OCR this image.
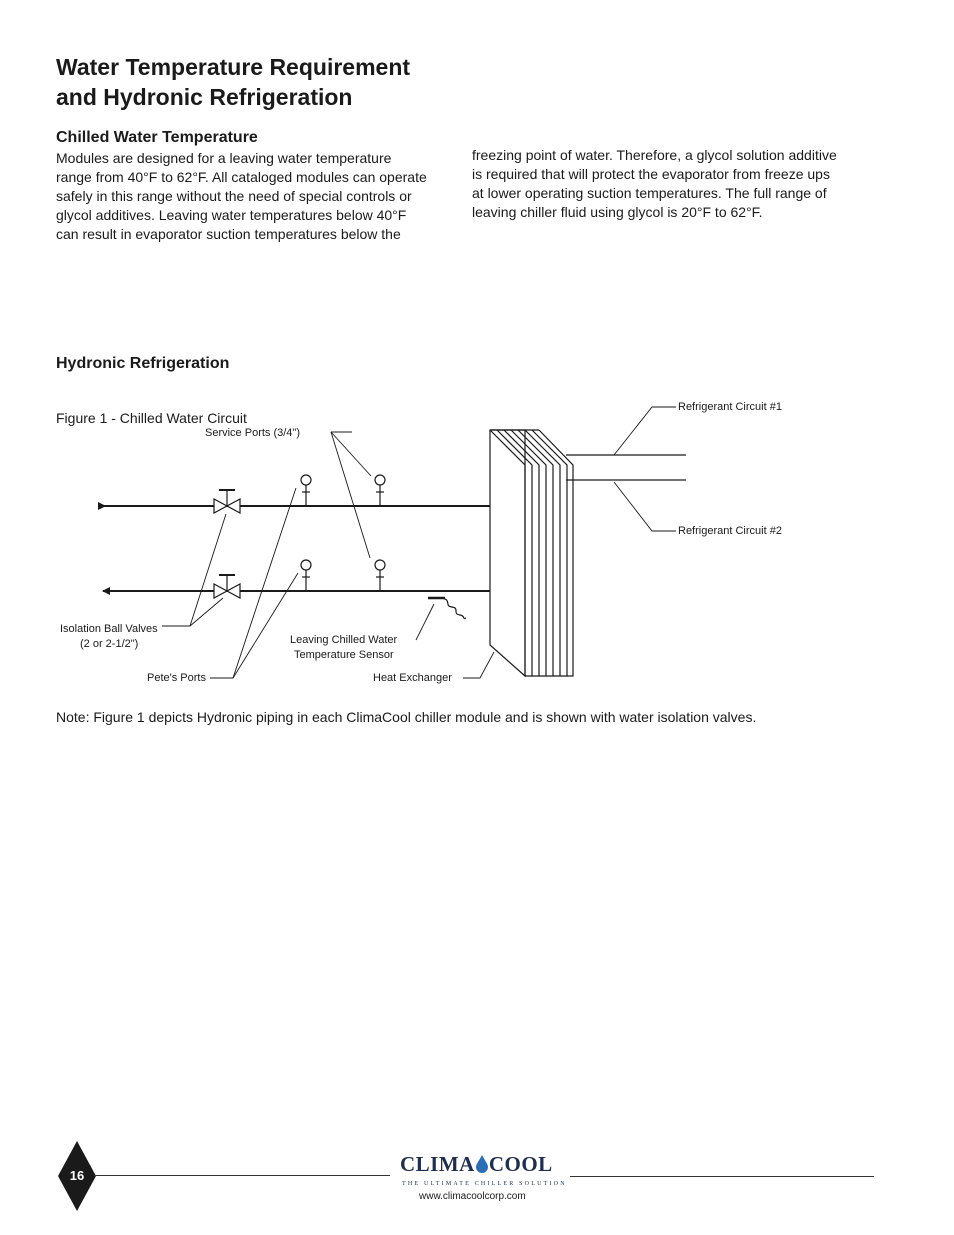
Water Temperature Requirement
and Hydronic Refrigeration
Chilled Water Temperature
Modules are designed for a leaving water temperature
range from 40°F to 62°F. All cataloged modules can operate
safely in this range without the need of special controls or
glycol additives. Leaving water temperatures below 40°F
can result in evaporator suction temperatures below the
freezing point of water. Therefore, a glycol solution additive
is required that will protect the evaporator from freeze ups
at lower operating suction temperatures. The full range of
leaving chiller fluid using glycol is 20°F to 62°F.
Hydronic Refrigeration
Figure 1 - Chilled Water Circuit
Service Ports (3/4")
Refrigerant Circuit #1
Refrigerant Circuit #2
Isolation Ball Valves
(2 or 2-1/2")	Leaving Chilled Water
Temperature Sensor
Pete's Ports	Heat Exchanger
Note: Figure 1 depicts Hydronic piping in each ClimaCool chiller module and is shown with water isolation valves.
16	CLIMA COOL
THE ULTIMATE CHILLER SOLUTION
www.climacoolcorp.com
